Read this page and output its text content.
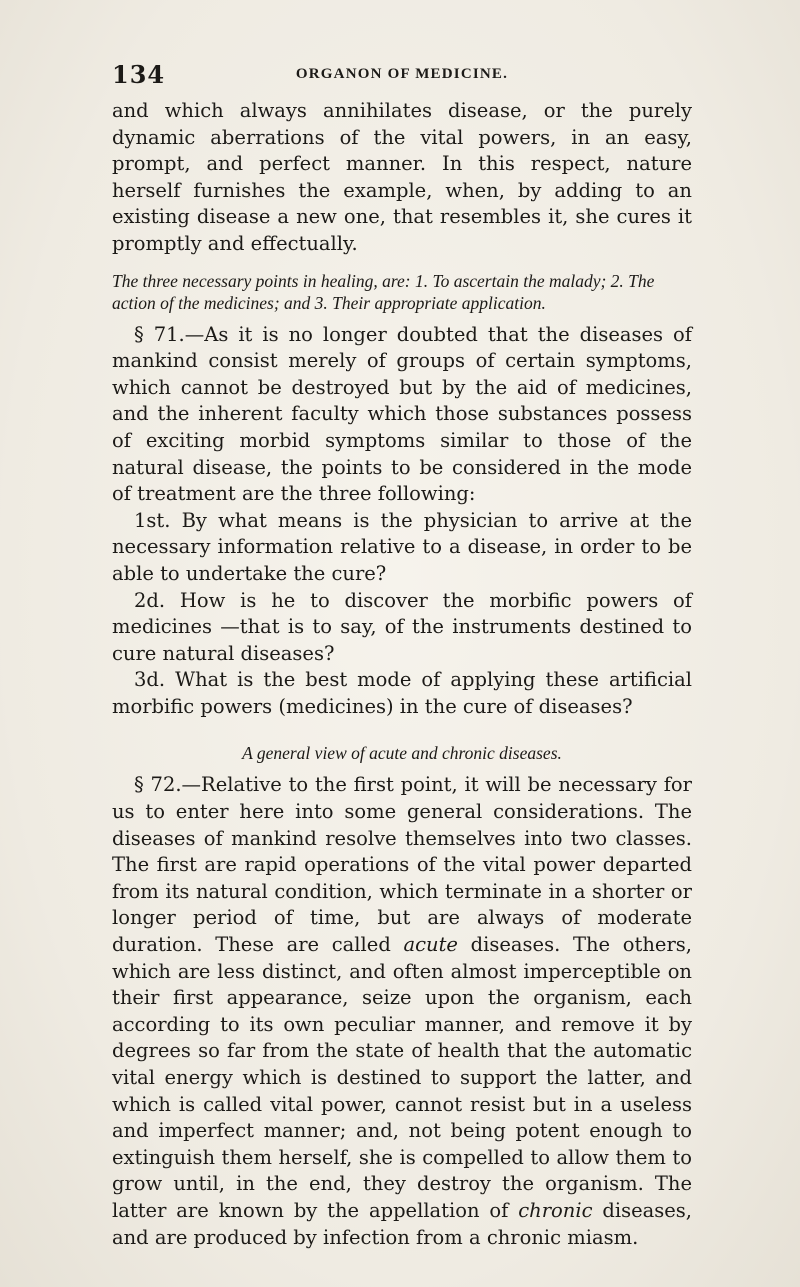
134	ORGANON OF MEDICINE.

and which always annihilates disease, or the purely dynamic aberrations of the vital powers, in an easy, prompt, and perfect manner. In this respect, nature herself furnishes the example, when, by adding to an existing disease a new one, that resembles it, she cures it promptly and effectually.

The three necessary points in healing, are: 1. To ascertain the malady; 2. The action of the medicines; and 3. Their appropriate application.

§ 71.—As it is no longer doubted that the diseases of mankind consist merely of groups of certain symptoms, which cannot be destroyed but by the aid of medicines, and the inherent faculty which those substances possess of exciting morbid symptoms similar to those of the natural disease, the points to be considered in the mode of treatment are the three following:

1st. By what means is the physician to arrive at the necessary information relative to a disease, in order to be able to undertake the cure?

2d. How is he to discover the morbific powers of medicines —that is to say, of the instruments destined to cure natural diseases?

3d. What is the best mode of applying these artificial morbific powers (medicines) in the cure of diseases?

A general view of acute and chronic diseases.

§ 72.—Relative to the first point, it will be necessary for us to enter here into some general considerations. The diseases of mankind resolve themselves into two classes. The first are rapid operations of the vital power departed from its natural condition, which terminate in a shorter or longer period of time, but are always of moderate duration. These are called acute diseases. The others, which are less distinct, and often almost imperceptible on their first appearance, seize upon the organism, each according to its own peculiar manner, and remove it by degrees so far from the state of health that the automatic vital energy which is destined to support the latter, and which is called vital power, cannot resist but in a useless and imperfect manner; and, not being potent enough to extinguish them herself, she is compelled to allow them to grow until, in the end, they destroy the organism. The latter are known by the appellation of chronic diseases, and are produced by infection from a chronic miasm.
